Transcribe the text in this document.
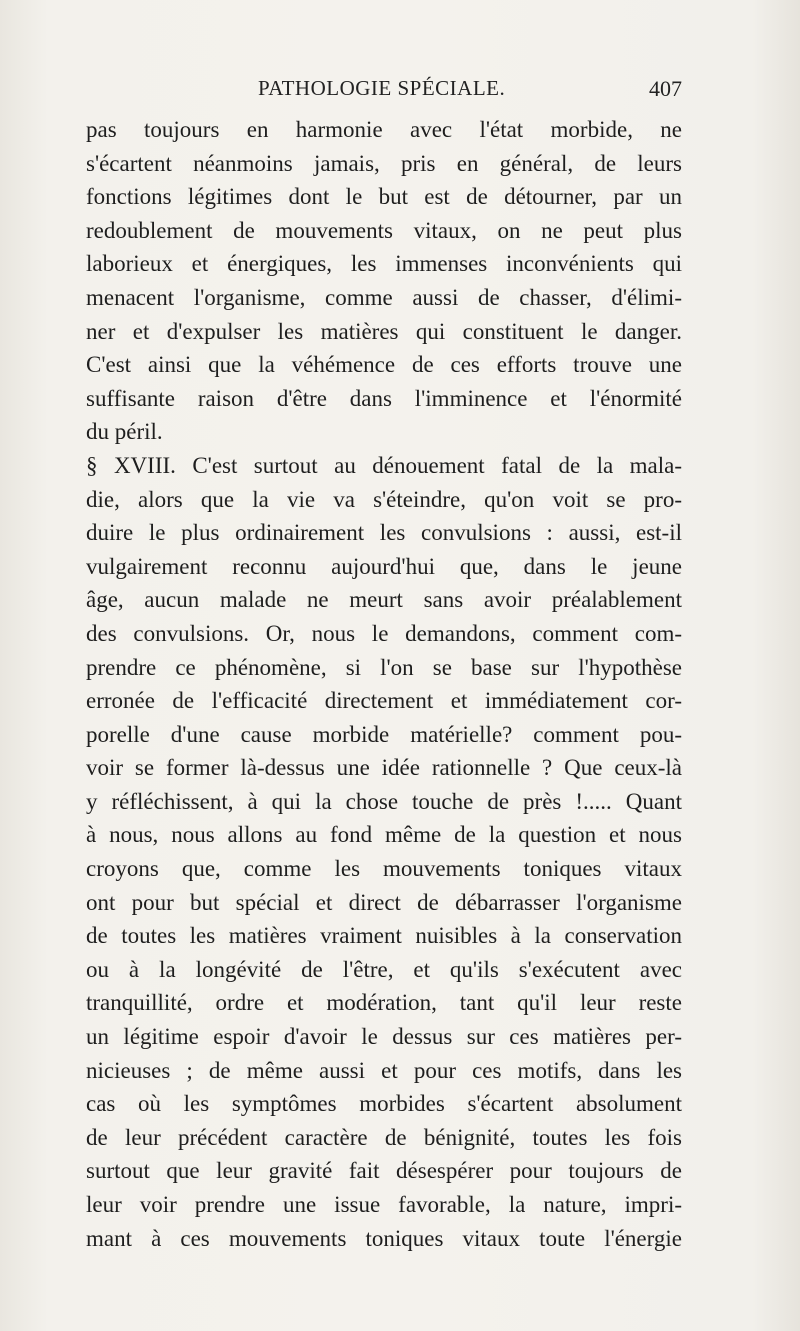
PATHOLOGIE SPÉCIALE.	407
pas toujours en harmonie avec l'état morbide, ne
s'écartent néanmoins jamais, pris en général, de leurs
fonctions légitimes dont le but est de détourner, par un
redoublement de mouvements vitaux, on ne peut plus
laborieux et énergiques, les immenses inconvénients qui
menacent l'organisme, comme aussi de chasser, d'élimi-
ner et d'expulser les matières qui constituent le danger.
C'est ainsi que la véhémence de ces efforts trouve une
suffisante raison d'être dans l'imminence et l'énormité
du péril.
§ XVIII. C'est surtout au dénouement fatal de la mala-
die, alors que la vie va s'éteindre, qu'on voit se pro-
duire le plus ordinairement les convulsions : aussi, est-il
vulgairement reconnu aujourd'hui que, dans le jeune
âge, aucun malade ne meurt sans avoir préalablement
des convulsions. Or, nous le demandons, comment com-
prendre ce phénomène, si l'on se base sur l'hypothèse
erronée de l'efficacité directement et immédiatement cor-
porelle d'une cause morbide matérielle? comment pou-
voir se former là-dessus une idée rationnelle ? Que ceux-là
y réfléchissent, à qui la chose touche de près !..... Quant
à nous, nous allons au fond même de la question et nous
croyons que, comme les mouvements toniques vitaux
ont pour but spécial et direct de débarrasser l'organisme
de toutes les matières vraiment nuisibles à la conservation
ou à la longévité de l'être, et qu'ils s'exécutent avec
tranquillité, ordre et modération, tant qu'il leur reste
un légitime espoir d'avoir le dessus sur ces matières per-
nicieuses ; de même aussi et pour ces motifs, dans les
cas où les symptômes morbides s'écartent absolument
de leur précédent caractère de bénignité, toutes les fois
surtout que leur gravité fait désespérer pour toujours de
leur voir prendre une issue favorable, la nature, impri-
mant à ces mouvements toniques vitaux toute l'énergie
